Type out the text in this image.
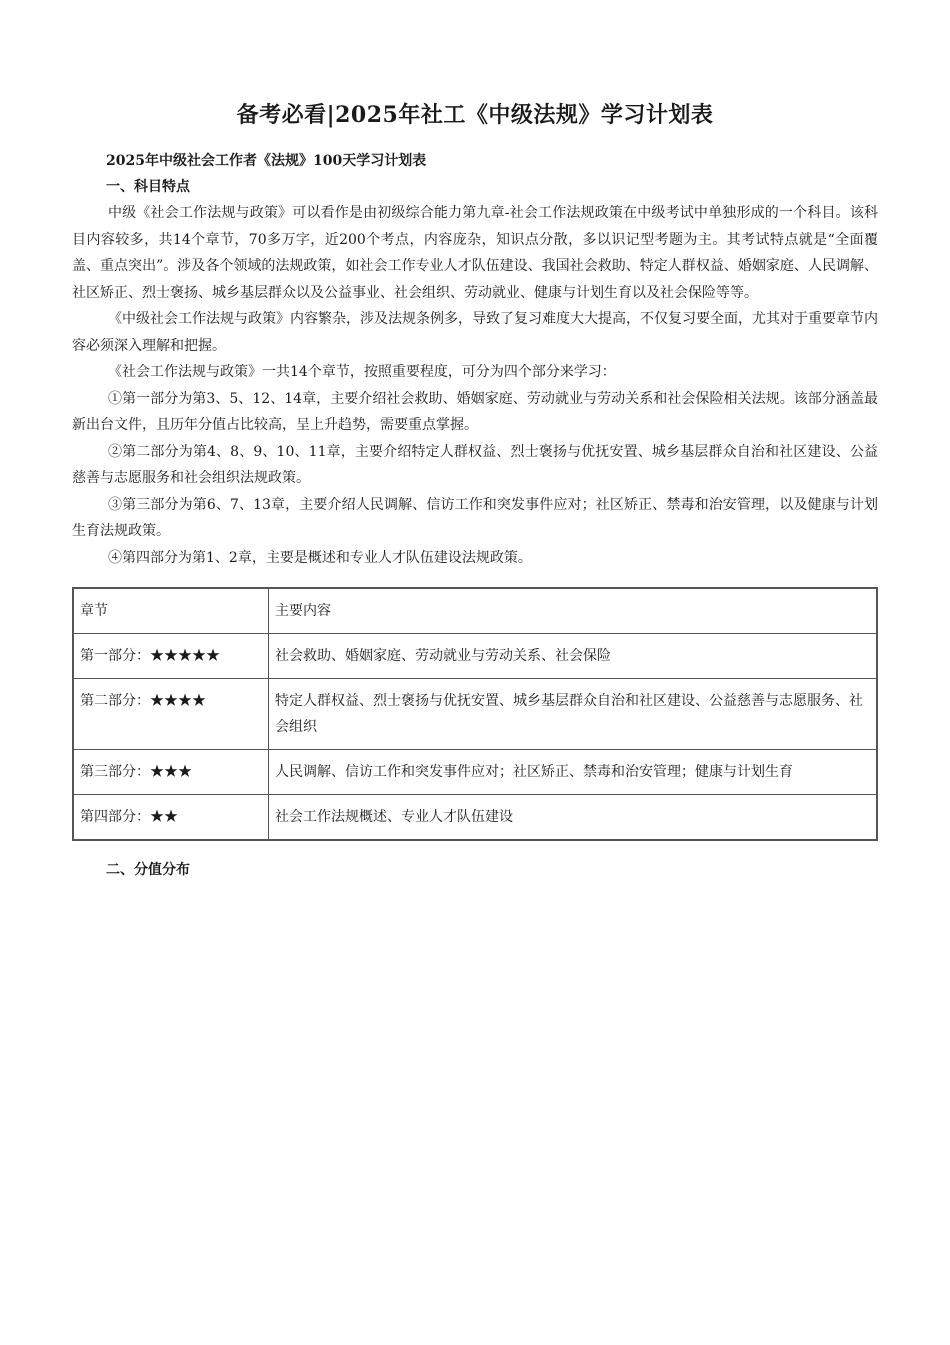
备考必看|2025年社工《中级法规》学习计划表
2025年中级社会工作者《法规》100天学习计划表
一、科目特点

中级《社会工作法规与政策》可以看作是由初级综合能力第九章-社会工作法规政策在中级考试中单独形成的一个科目。该科目内容较多，共14个章节，70多万字，近200个考点，内容庞杂，知识点分散，多以识记型考题为主。其考试特点就是“全面覆盖、重点突出”。涉及各个领域的法规政策，如社会工作专业人才队伍建设、我国社会救助、特定人群权益、婚姻家庭、人民调解、社区矫正、烈士褒扬、城乡基层群众以及公益事业、社会组织、劳动就业、健康与计划生育以及社会保险等等。

《中级社会工作法规与政策》内容繁杂，涉及法规条例多，导致了复习难度大大提高，不仅复习要全面，尤其对于重要章节内容必须深入理解和把握。

《社会工作法规与政策》一共14个章节，按照重要程度，可分为四个部分来学习：

①第一部分为第3、5、12、14章，主要介绍社会救助、婚姻家庭、劳动就业与劳动关系和社会保险相关法规。该部分涵盖最新出台文件，且历年分值占比较高，呈上升趋势，需要重点掌握。

②第二部分为第4、8、9、10、11章，主要介绍特定人群权益、烈士褒扬与优抚安置、城乡基层群众自治和社区建设、公益慈善与志愿服务和社会组织法规政策。

③第三部分为第6、7、13章，主要介绍人民调解、信访工作和突发事件应对；社区矫正、禁毒和治安管理，以及健康与计划生育法规政策。

④第四部分为第1、2章，主要是概述和专业人才队伍建设法规政策。

章节	主要内容
第一部分：★★★★★	社会救助、婚姻家庭、劳动就业与劳动关系、社会保险
第二部分：★★★★	特定人群权益、烈士褒扬与优抚安置、城乡基层群众自治和社区建设、公益慈善与志愿服务、社会组织
第三部分：★★★	人民调解、信访工作和突发事件应对；社区矫正、禁毒和治安管理；健康与计划生育
第四部分：★★	社会工作法规概述、专业人才队伍建设
二、分值分布
